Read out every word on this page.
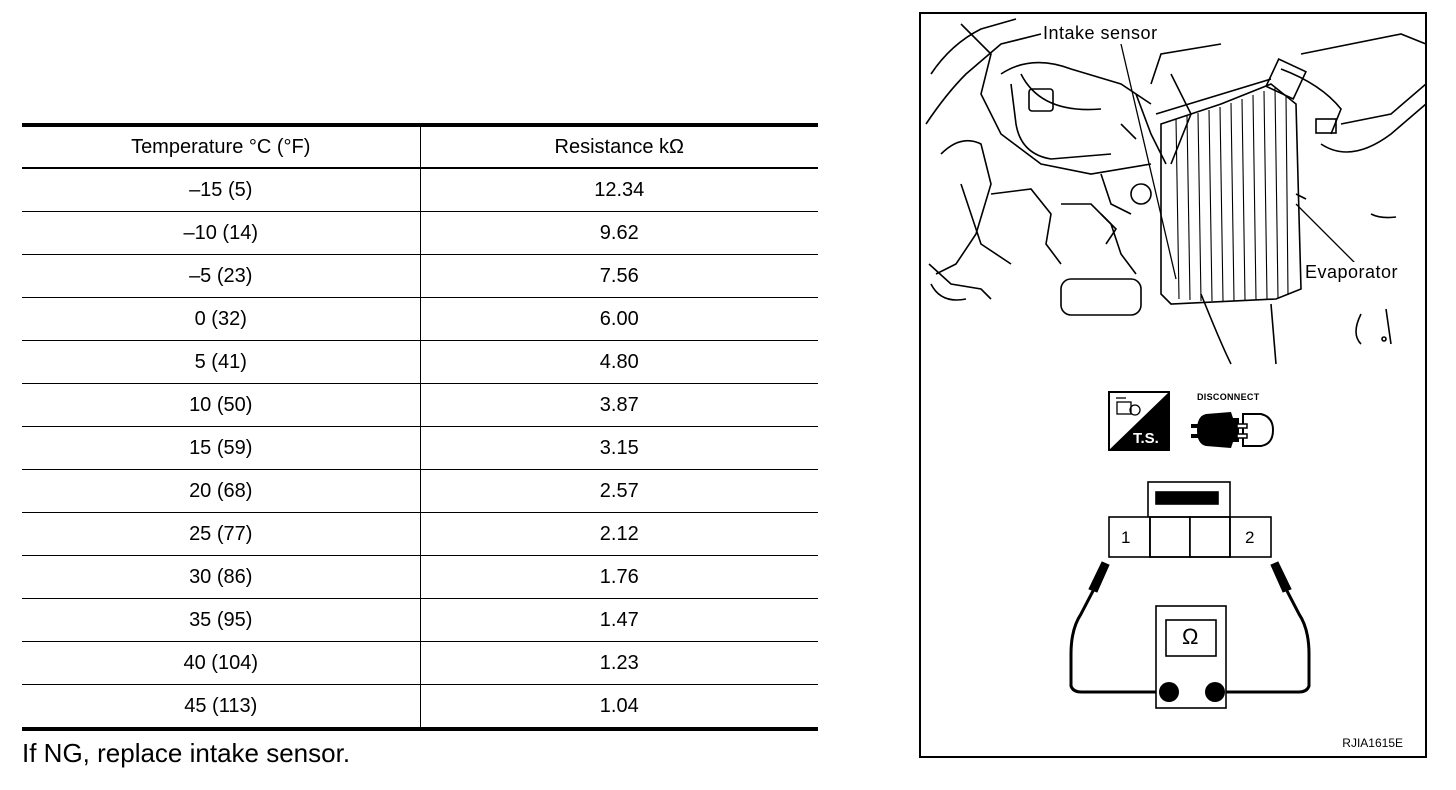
Temperature °C (°F)	Resistance kΩ
–15 (5)	12.34
–10 (14)	9.62
–5 (23)	7.56
0 (32)	6.00
5 (41)	4.80
10 (50)	3.87
15 (59)	3.15
20 (68)	2.57
25 (77)	2.12
30 (86)	1.76
35 (95)	1.47
40 (104)	1.23
45 (113)	1.04
If NG, replace intake sensor.
Intake sensor
Evaporator
T.S.
DISCONNECT
1	2
Ω
RJIA1615E
